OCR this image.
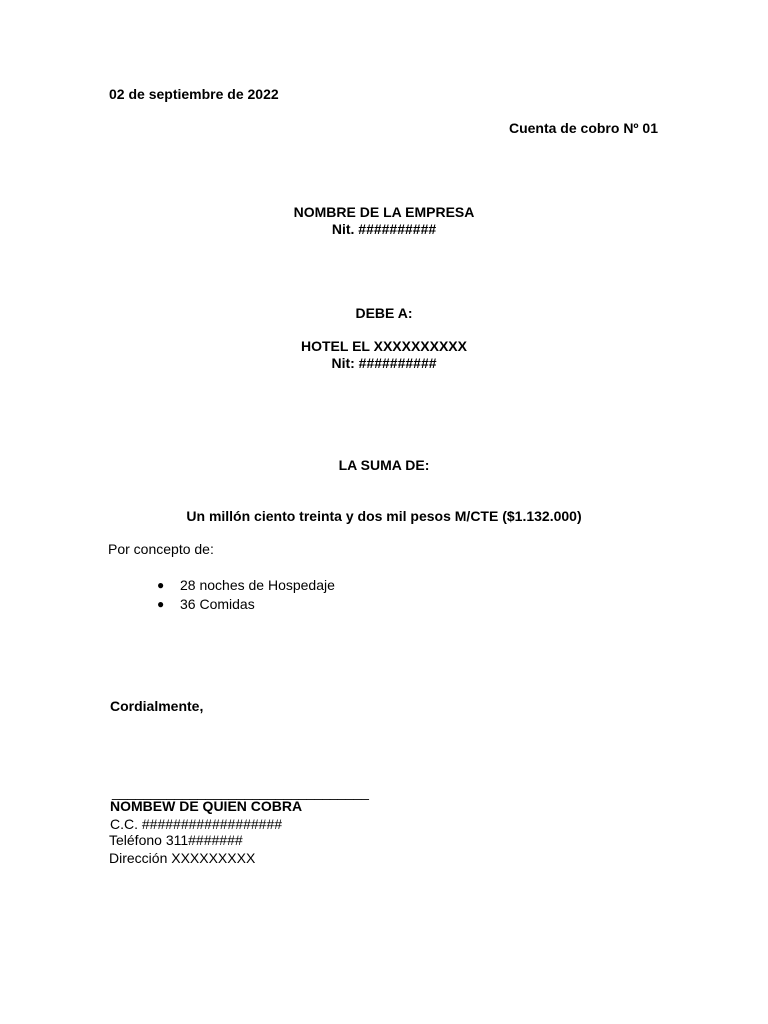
02 de septiembre de 2022
Cuenta de cobro Nº 01
NOMBRE DE LA EMPRESA
Nit. ##########
DEBE A:
HOTEL EL XXXXXXXXXX
Nit: ##########
LA SUMA DE:
Un millón ciento treinta y dos mil pesos M/CTE ($1.132.000)
Por concepto de:
● 28 noches de Hospedaje
● 36 Comidas
Cordialmente,
_________________________________
NOMBEW DE QUIEN COBRA
C.C. ##################
Teléfono 311#######
Dirección XXXXXXXXX
